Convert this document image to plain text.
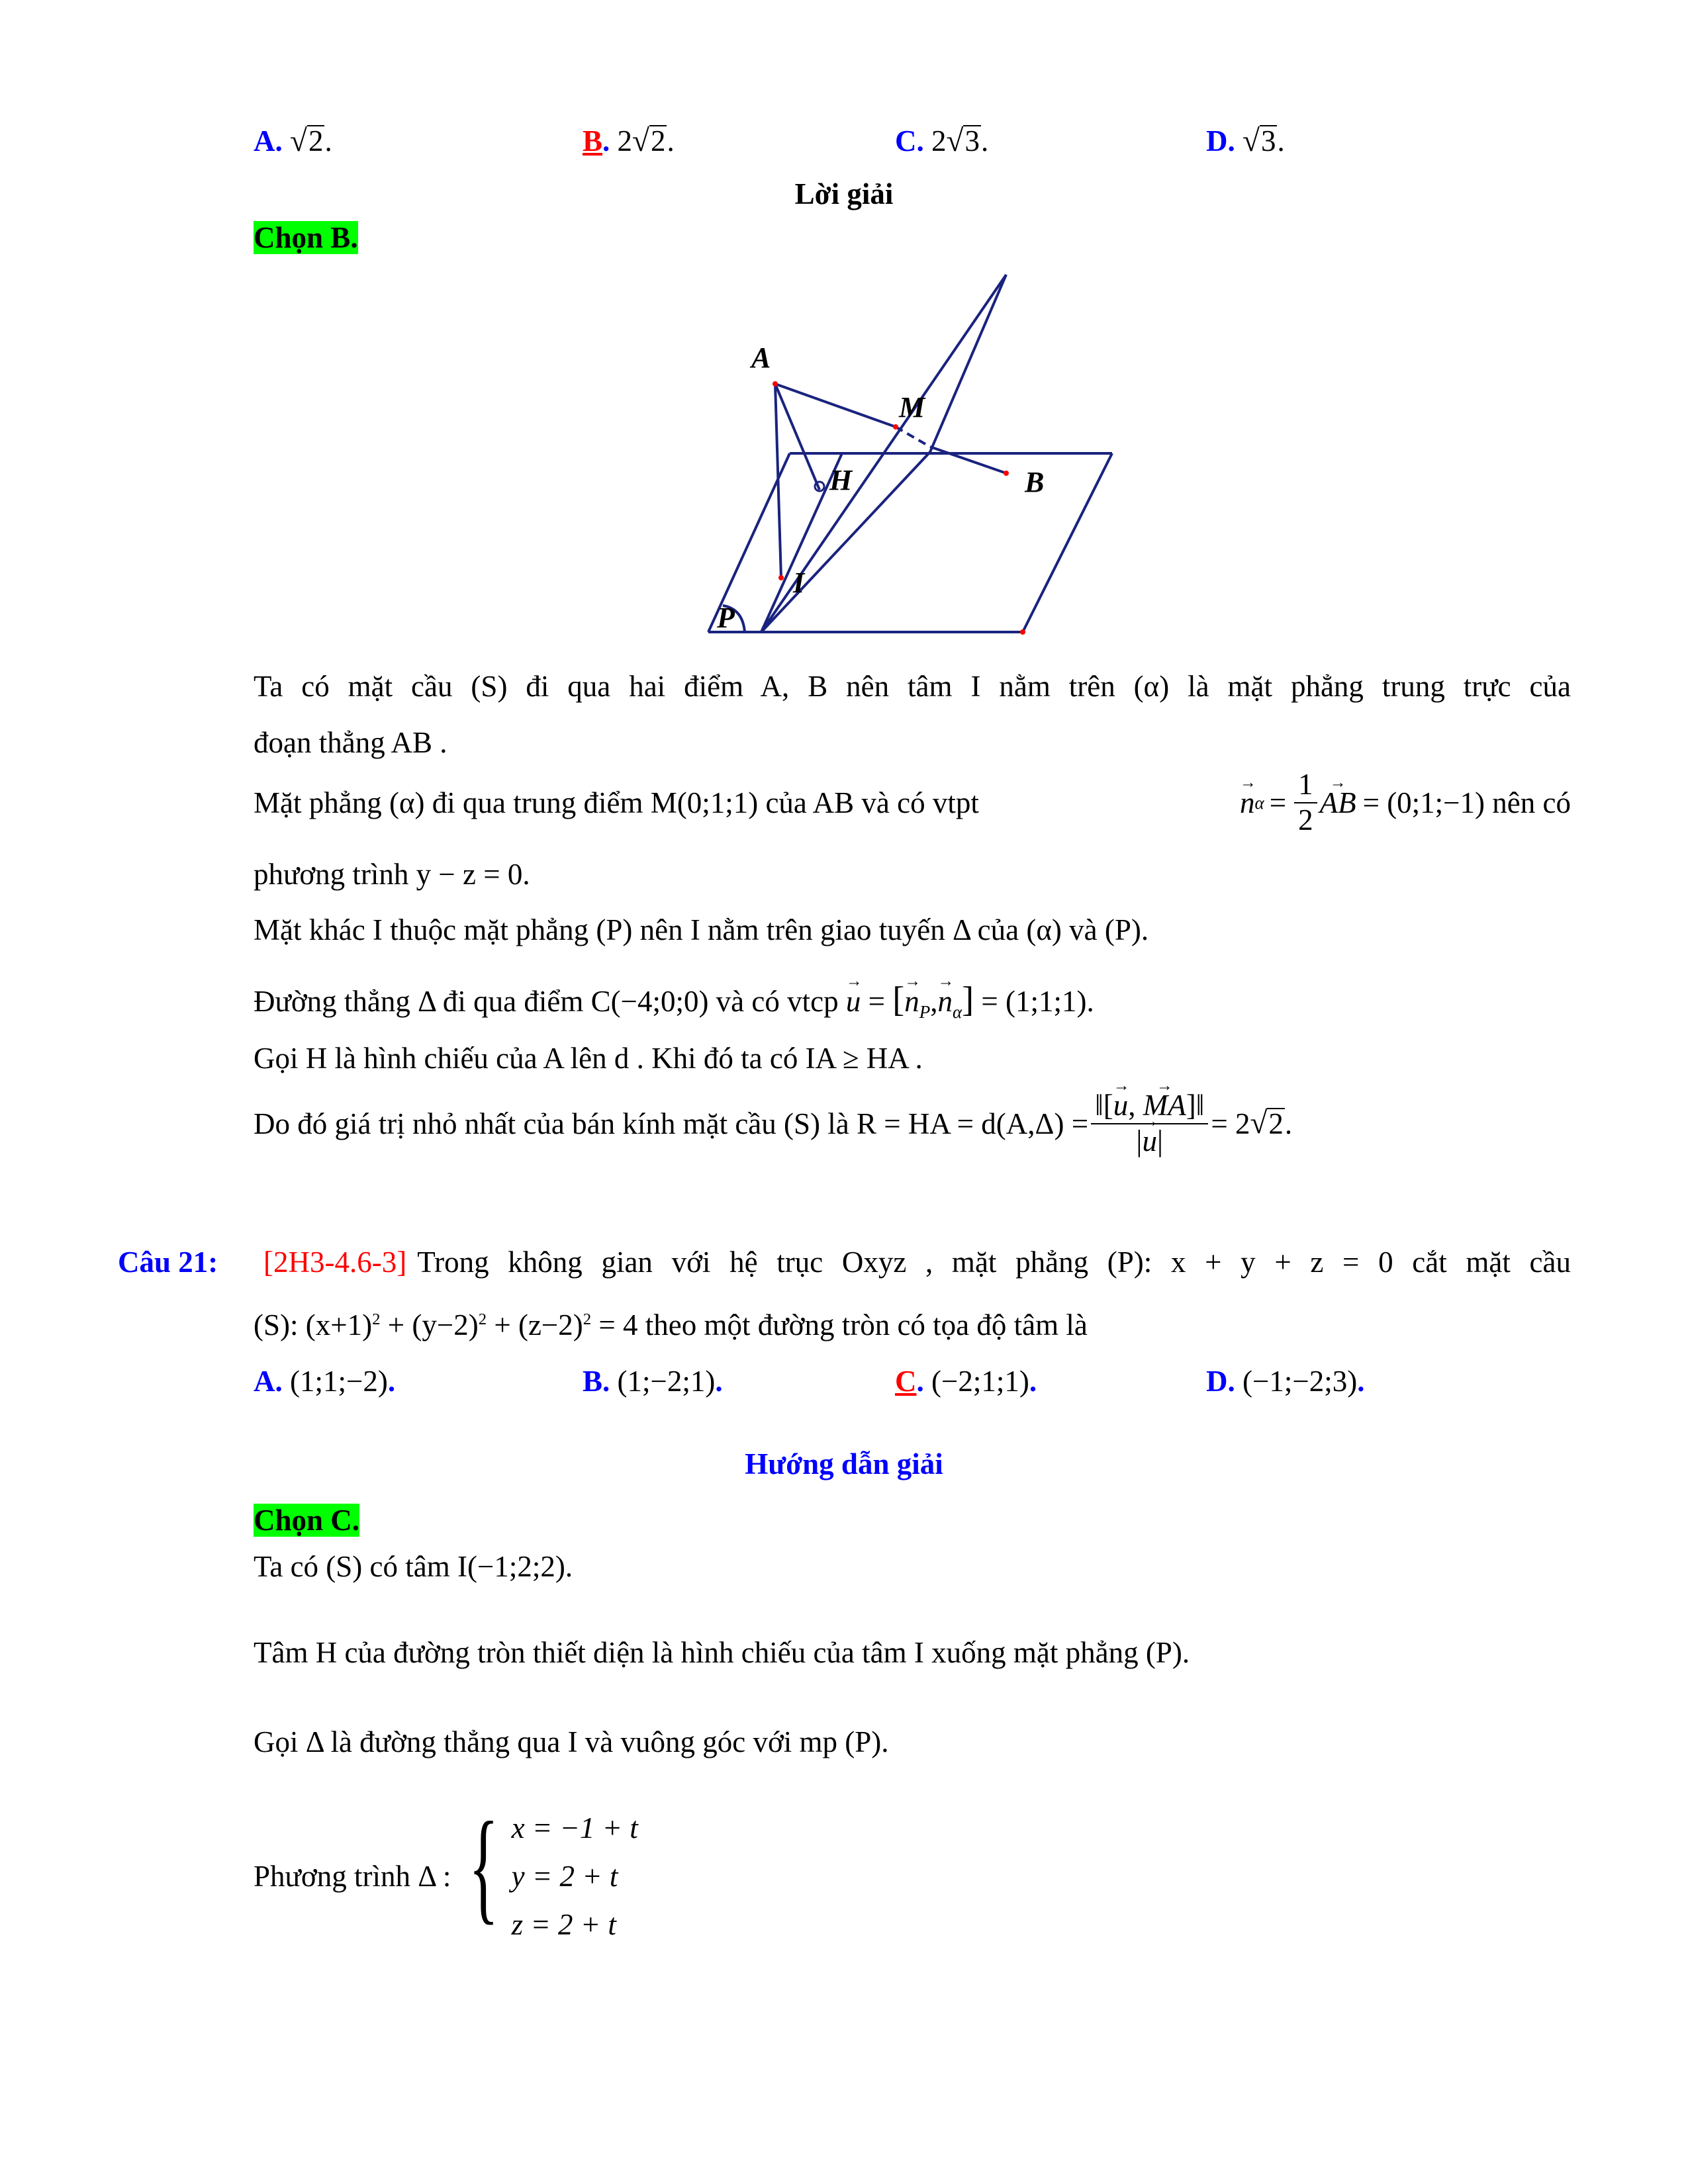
A. √2.	B. 2√2.	C. 2√3.	D. √3.
Lời giải
Chọn B.
A
M
H	B
I
P
Ta có mặt cầu (S) đi qua hai điểm A, B nên tâm I nằm trên (α) là mặt phẳng trung trực của
đoạn thẳng AB .
Mặt phẳng (α) đi qua trung điểm M(0;1;1) của AB và có vtpt	→ n $\alpha = \frac{1}{2}$ → AB = (0;1;−1) nên có
phương trình y − z = 0.
Mặt khác I thuộc mặt phẳng (P) nên I nằm trên giao tuyến Δ của (α) và (P).
Đường thẳng Δ đi qua điểm C(−4;0;0) và có vtcp → u = [→ $n_P,\to n_\alpha$] = (1;1;1).
Gọi H là hình chiếu của A lên d . Khi đó ta có IA ≥ HA .
Do đó giá trị nhỏ nhất của bán kính mặt cầu (S) là R = HA = $d(A,\Delta) = \frac{‖[\to u, \to MA]‖}{|\to u|} = 2$ √ 2 .
Câu 21: [2H3-4.6-3] Trong không gian với hệ trục Oxyz , mặt phẳng (P): x + y + z = 0 cắt mặt cầu
(S): $(x+1)^2 + (y-2)^2 + (z-2)^2 = 4$ theo một đường tròn có tọa độ tâm là
A. (1;1;−2).	B. (1;−2;1).	C. (−2;1;1).	D. (−1;−2;3).
Hướng dẫn giải
Chọn C.
Ta có (S) có tâm I(−1;2;2).
Tâm H của đường tròn thiết diện là hình chiếu của tâm I xuống mặt phẳng (P).
Gọi Δ là đường thẳng qua I và vuông góc với mp (P).
Phương trình Δ : { x = −1 + t
y = 2 + t
z = 2 + t
